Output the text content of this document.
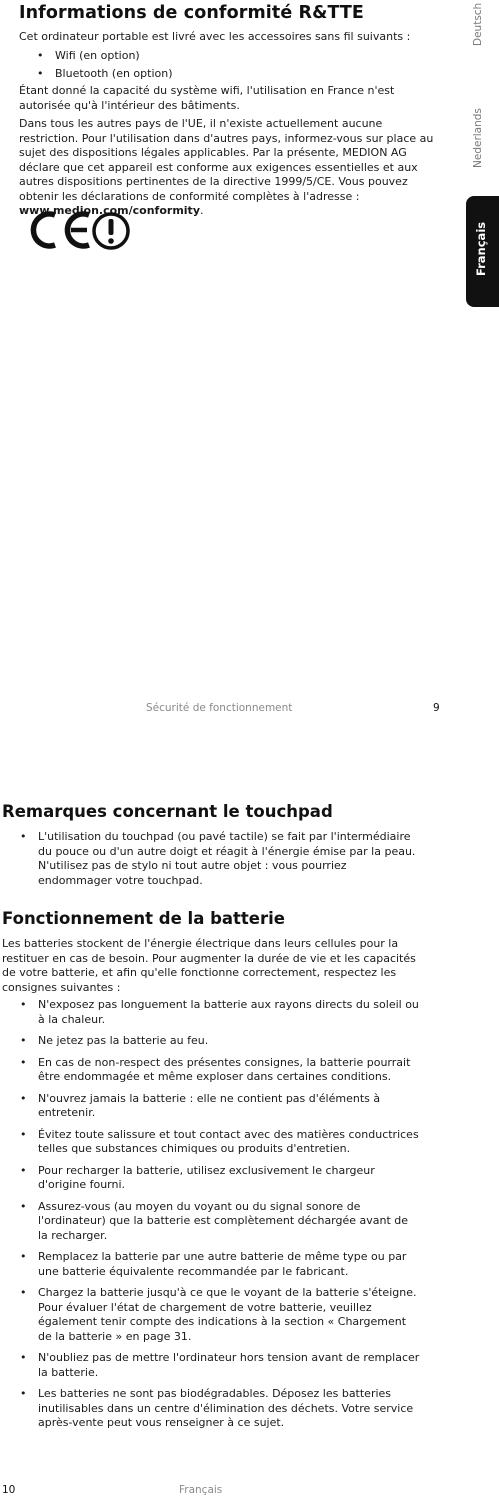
Informations de conformité R&TTE

Cet ordinateur portable est livré avec les accessoires sans fil suivants :

• Wifi (en option)
• Bluetooth (en option)

Étant donné la capacité du système wifi, l'utilisation en France n'est autorisée qu'à l'intérieur des bâtiments.

Dans tous les autres pays de l'UE, il n'existe actuellement aucune restriction. Pour l'utilisation dans d'autres pays, informez-vous sur place au sujet des dispositions légales applicables. Par la présente, MEDION AG déclare que cet appareil est conforme aux exigences essentielles et aux autres dispositions pertinentes de la directive 1999/5/CE. Vous pouvez obtenir les déclarations de conformité complètes à l'adresse : www.medion.com/conformity.

Deutsch
Nederlands
Français
Sécurité de fonctionnement	9
Remarques concernant le touchpad
• L'utilisation du touchpad (ou pavé tactile) se fait par l'intermédiaire du pouce ou d'un autre doigt et réagit à l'énergie émise par la peau. N'utilisez pas de stylo ni tout autre objet : vous pourriez endommager votre touchpad.
Fonctionnement de la batterie

Les batteries stockent de l'énergie électrique dans leurs cellules pour la restituer en cas de besoin. Pour augmenter la durée de vie et les capacités de votre batterie, et afin qu'elle fonctionne correctement, respectez les consignes suivantes :

• N'exposez pas longuement la batterie aux rayons directs du soleil ou à la chaleur.
• Ne jetez pas la batterie au feu.
• En cas de non-respect des présentes consignes, la batterie pourrait être endommagée et même exploser dans certaines conditions.
• N'ouvrez jamais la batterie : elle ne contient pas d'éléments à entretenir.
• Évitez toute salissure et tout contact avec des matières conductrices telles que substances chimiques ou produits d'entretien.
• Pour recharger la batterie, utilisez exclusivement le chargeur d'origine fourni.
• Assurez-vous (au moyen du voyant ou du signal sonore de l'ordinateur) que la batterie est complètement déchargée avant de la recharger.
• Remplacez la batterie par une autre batterie de même type ou par une batterie équivalente recommandée par le fabricant.
• Chargez la batterie jusqu'à ce que le voyant de la batterie s'éteigne. Pour évaluer l'état de chargement de votre batterie, veuillez également tenir compte des indications à la section « Chargement de la batterie » en page 31.
• N'oubliez pas de mettre l'ordinateur hors tension avant de remplacer la batterie.
• Les batteries ne sont pas biodégradables. Déposez les batteries inutilisables dans un centre d'élimination des déchets. Votre service après-vente peut vous renseigner à ce sujet.
10	Français
